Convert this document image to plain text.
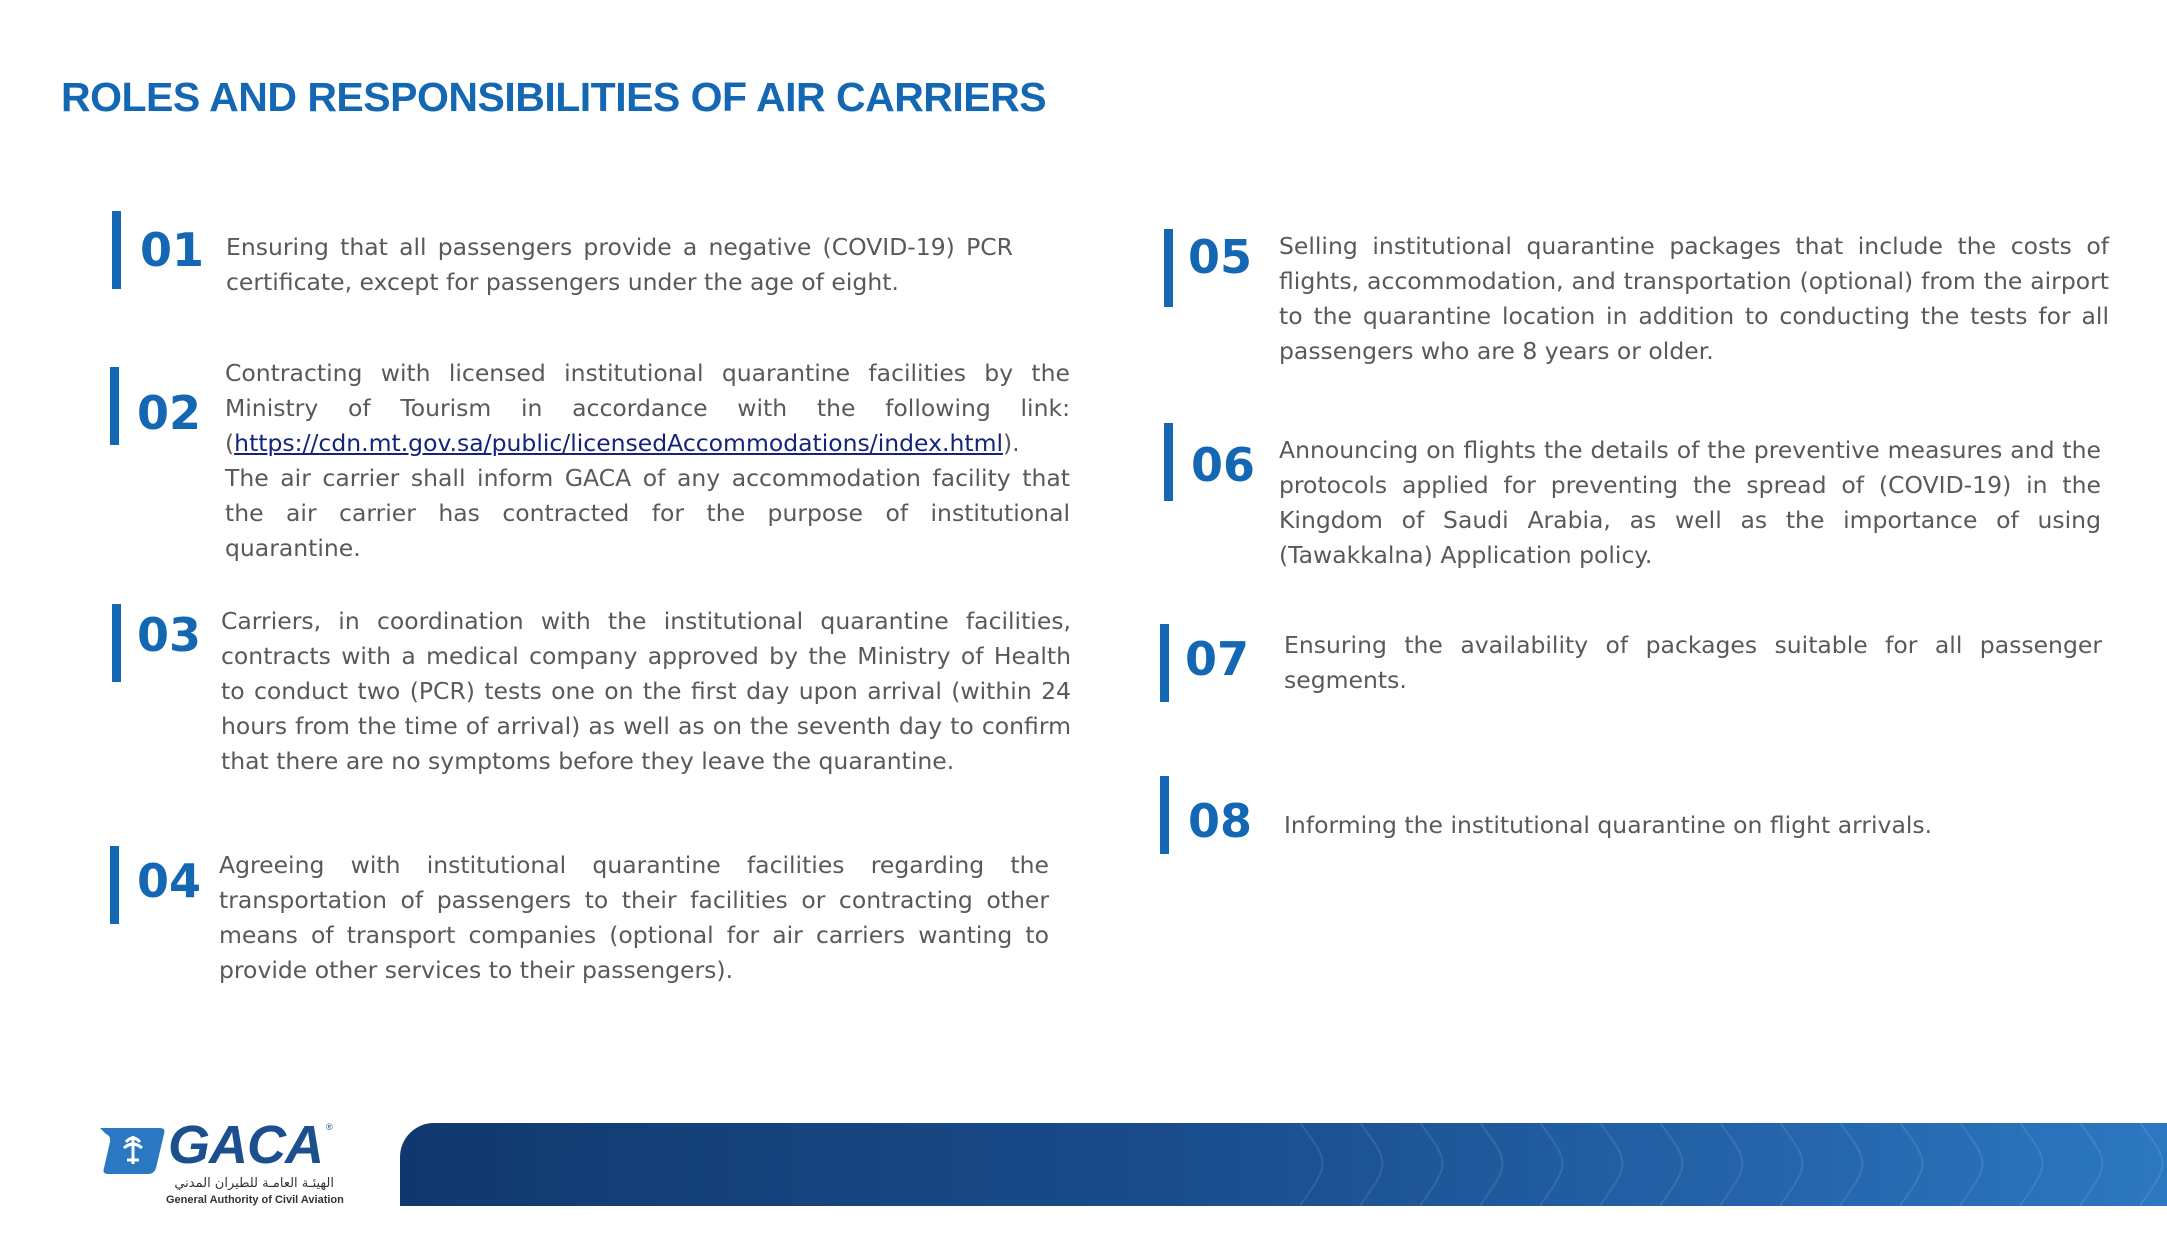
ROLES AND RESPONSIBILITIES OF AIR CARRIERS
01 Ensuring that all passengers provide a negative (COVID-19) PCR certificate, except for passengers under the age of eight.
02
Contracting with licensed institutional quarantine facilities by the Ministry of Tourism in accordance with the following link: (https://cdn.mt.gov.sa/public/licensedAccommodations/index.html). The air carrier shall inform GACA of any accommodation facility that the air carrier has contracted for the purpose of institutional quarantine.
03 Carriers, in coordination with the institutional quarantine facilities, contracts with a medical company approved by the Ministry of Health to conduct two (PCR) tests one on the first day upon arrival (within 24 hours from the time of arrival) as well as on the seventh day to confirm that there are no symptoms before they leave the quarantine.
04 Agreeing with institutional quarantine facilities regarding the transportation of passengers to their facilities or contracting other means of transport companies (optional for air carriers wanting to provide other services to their passengers).
05 Selling institutional quarantine packages that include the costs of flights, accommodation, and transportation (optional) from the airport to the quarantine location in addition to conducting the tests for all passengers who are 8 years or older.
06 Announcing on flights the details of the preventive measures and the protocols applied for preventing the spread of (COVID-19) in the Kingdom of Saudi Arabia, as well as the importance of using (Tawakkalna) Application policy.
07 Ensuring the availability of packages suitable for all passenger segments.
08 Informing the institutional quarantine on flight arrivals.
GACA ®
الهيئـة العامـة للطيران المدني
General Authority of Civil Aviation
